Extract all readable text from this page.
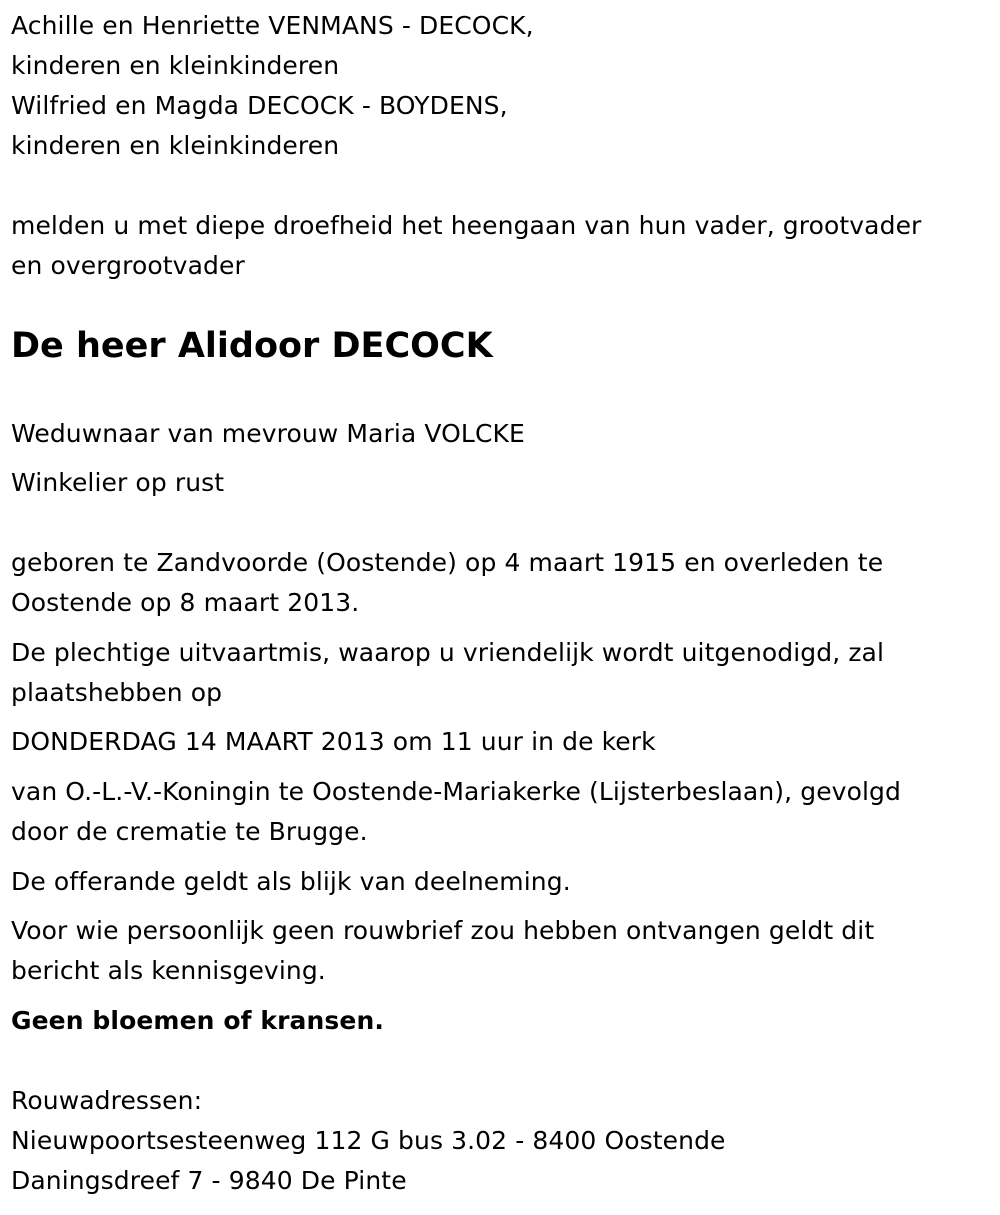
Achille en Henriette VENMANS - DECOCK,
kinderen en kleinkinderen
Wilfried en Magda DECOCK - BOYDENS,
kinderen en kleinkinderen
melden u met diepe droefheid het heengaan van hun vader, grootvader
en overgrootvader
De heer Alidoor DECOCK
Weduwnaar van mevrouw Maria VOLCKE
Winkelier op rust
geboren te Zandvoorde (Oostende) op 4 maart 1915 en overleden te
Oostende op 8 maart 2013.
De plechtige uitvaartmis, waarop u vriendelijk wordt uitgenodigd, zal
plaatshebben op
DONDERDAG 14 MAART 2013 om 11 uur in de kerk
van O.-L.-V.-Koningin te Oostende-Mariakerke (Lijsterbeslaan), gevolgd
door de crematie te Brugge.
De offerande geldt als blijk van deelneming.
Voor wie persoonlijk geen rouwbrief zou hebben ontvangen geldt dit
bericht als kennisgeving.
Geen bloemen of kransen.
Rouwadressen:
Nieuwpoortsesteenweg 112 G bus 3.02 - 8400 Oostende
Daningsdreef 7 - 9840 De Pinte
